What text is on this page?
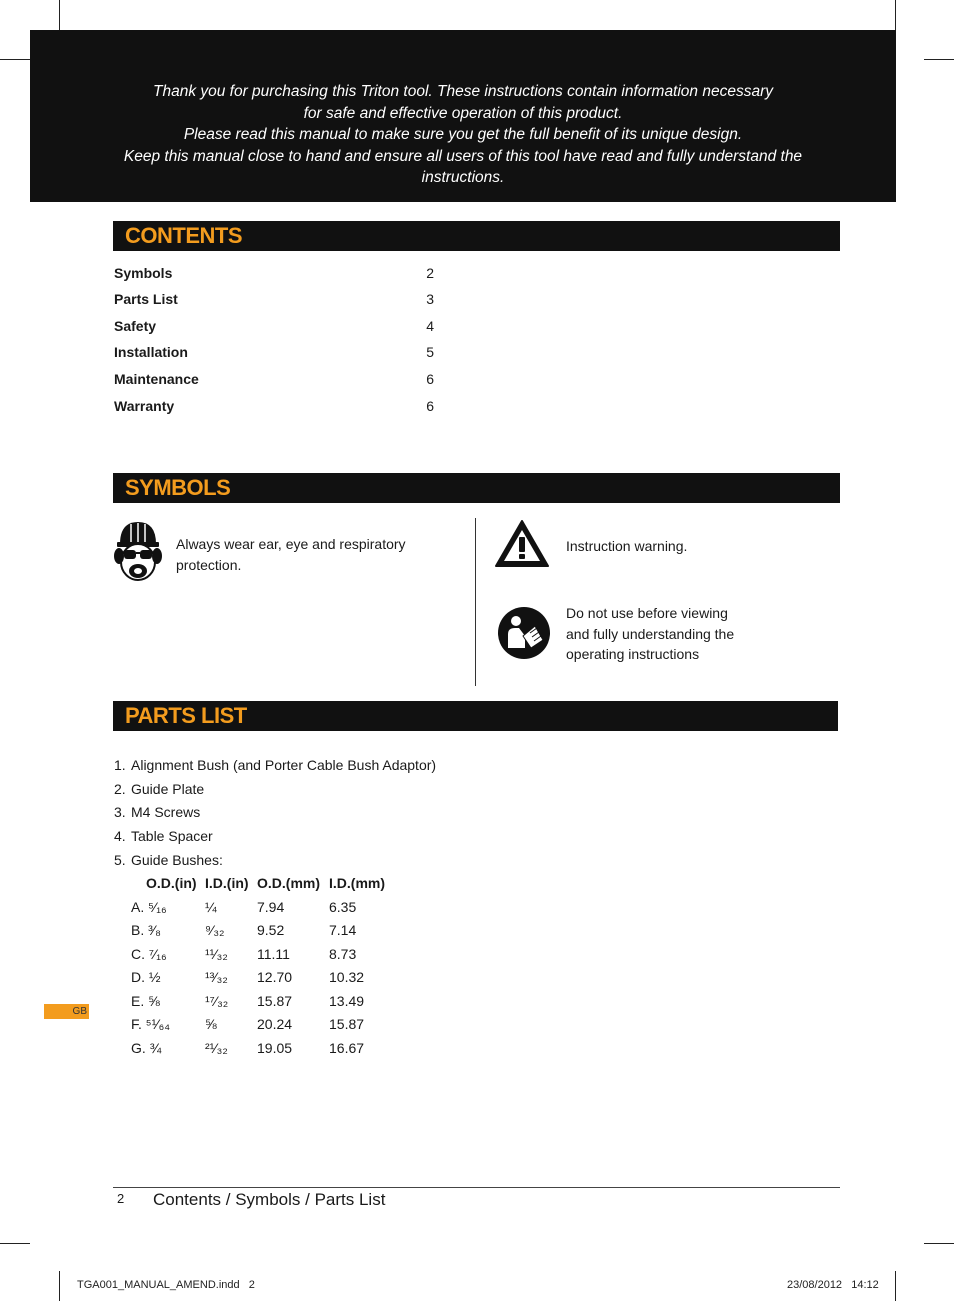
Thank you for purchasing this Triton tool. These instructions contain information necessary
for safe and effective operation of this product.
Please read this manual to make sure you get the full benefit of its unique design.
Keep this manual close to hand and ensure all users of this tool have read and fully understand the
instructions.
CONTENTS
Symbols	2
Parts List	3
Safety	4
Installation	5
Maintenance	6
Warranty	6
SYMBOLS
Always wear ear, eye and respiratory
protection.
Instruction warning.
Do not use before viewing
and fully understanding the
operating instructions
PARTS LIST
1. Alignment Bush (and Porter Cable Bush Adaptor)
2. Guide Plate
3. M4 Screws
4. Table Spacer
5. Guide Bushes:
O.D.(in) I.D.(in) O.D.(mm) I.D.(mm)
A. ⁵⁄₁₆	¼	7.94	6.35
B. ³⁄₈	⁹⁄₃₂ 9.52	7.14
C. ⁷⁄₁₆	¹¹⁄₃₂ 11.11	8.73
D. ½	¹³⁄₃₂ 12.70	10.32
E. ⅝	¹⁷⁄₃₂ 15.87	13.49
F. ⁵¹⁄₆₄	⅝	20.24	15.87
G. ¾	²¹⁄₃₂ 19.05	16.67
GB
2 Contents / Symbols / Parts List
TGA001_MANUAL_AMEND.indd   2	23/08/2012   14:12
